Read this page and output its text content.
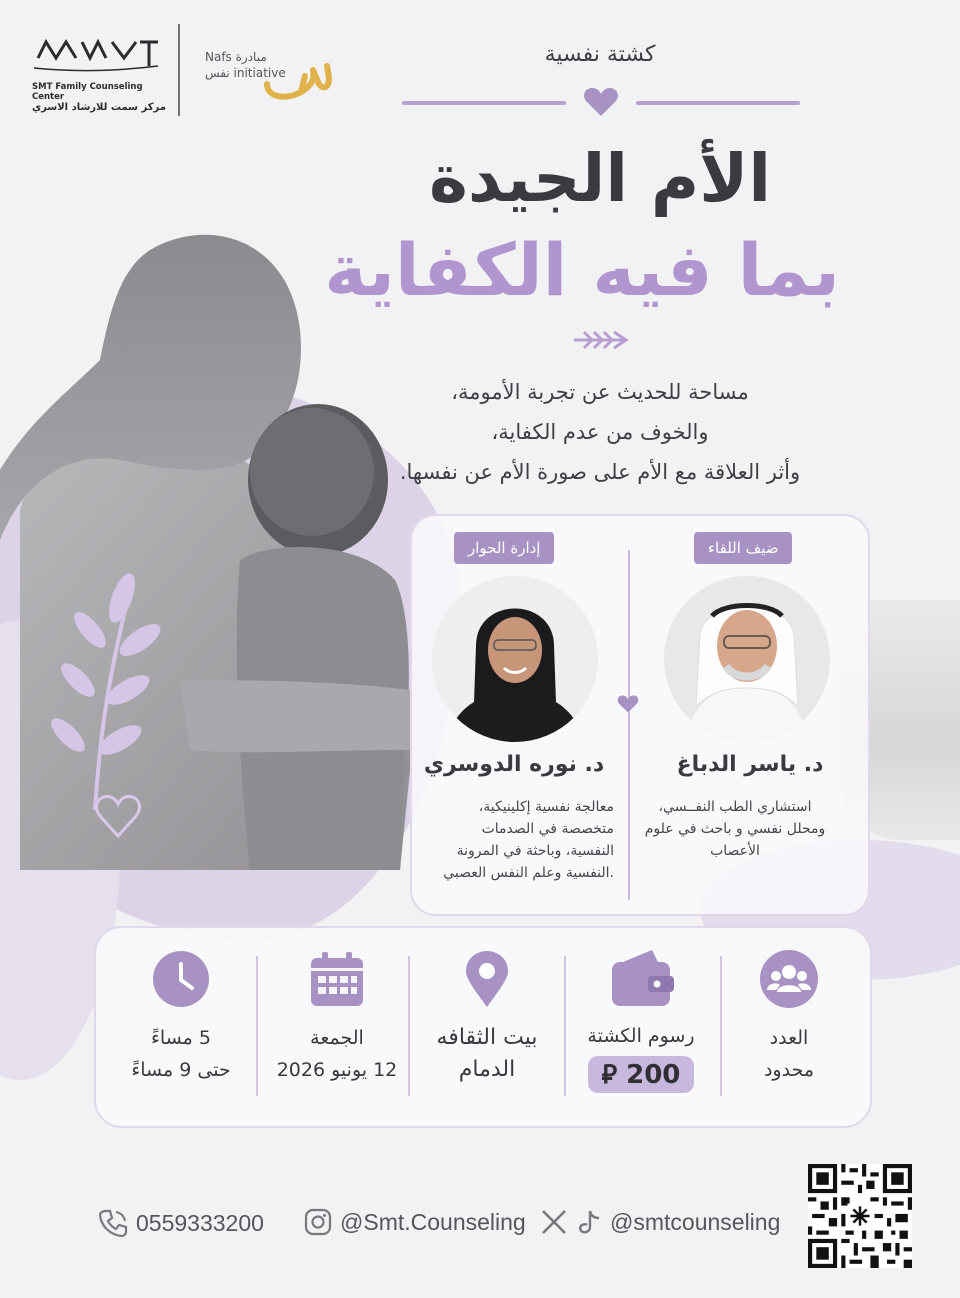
SMT Family Counseling Center
مركز سمت للارشاد الاسري
Nafs مبادرة
نفس initiative
كشتة نفسية
الأم الجيدة
بما فيه الكفاية
مساحة للحديث عن تجربة الأمومة،
والخوف من عدم الكفاية،
وأثر العلاقة مع الأم على صورة الأم عن نفسها.
ضيف اللقاء
إدارة الحوار
د. ياسر الدباغ
د. نوره الدوسري
استشاري الطب النفــسي،
ومحلل نفسي و باحث في علوم
الأعصاب
معالجة نفسية إكلينيكية،
متخصصة في الصدمات
النفسية، وباحثة في المرونة
.النفسية وعلم النفس العصبي
العدد
محدود
رسوم الكشتة
200 ⃁
بيت الثقافه
الدمام
الجمعة
12 يونيو 2026
5 مساءً
حتى 9 مساءً
0559333200	@Smt.Counseling	@smtcounseling
